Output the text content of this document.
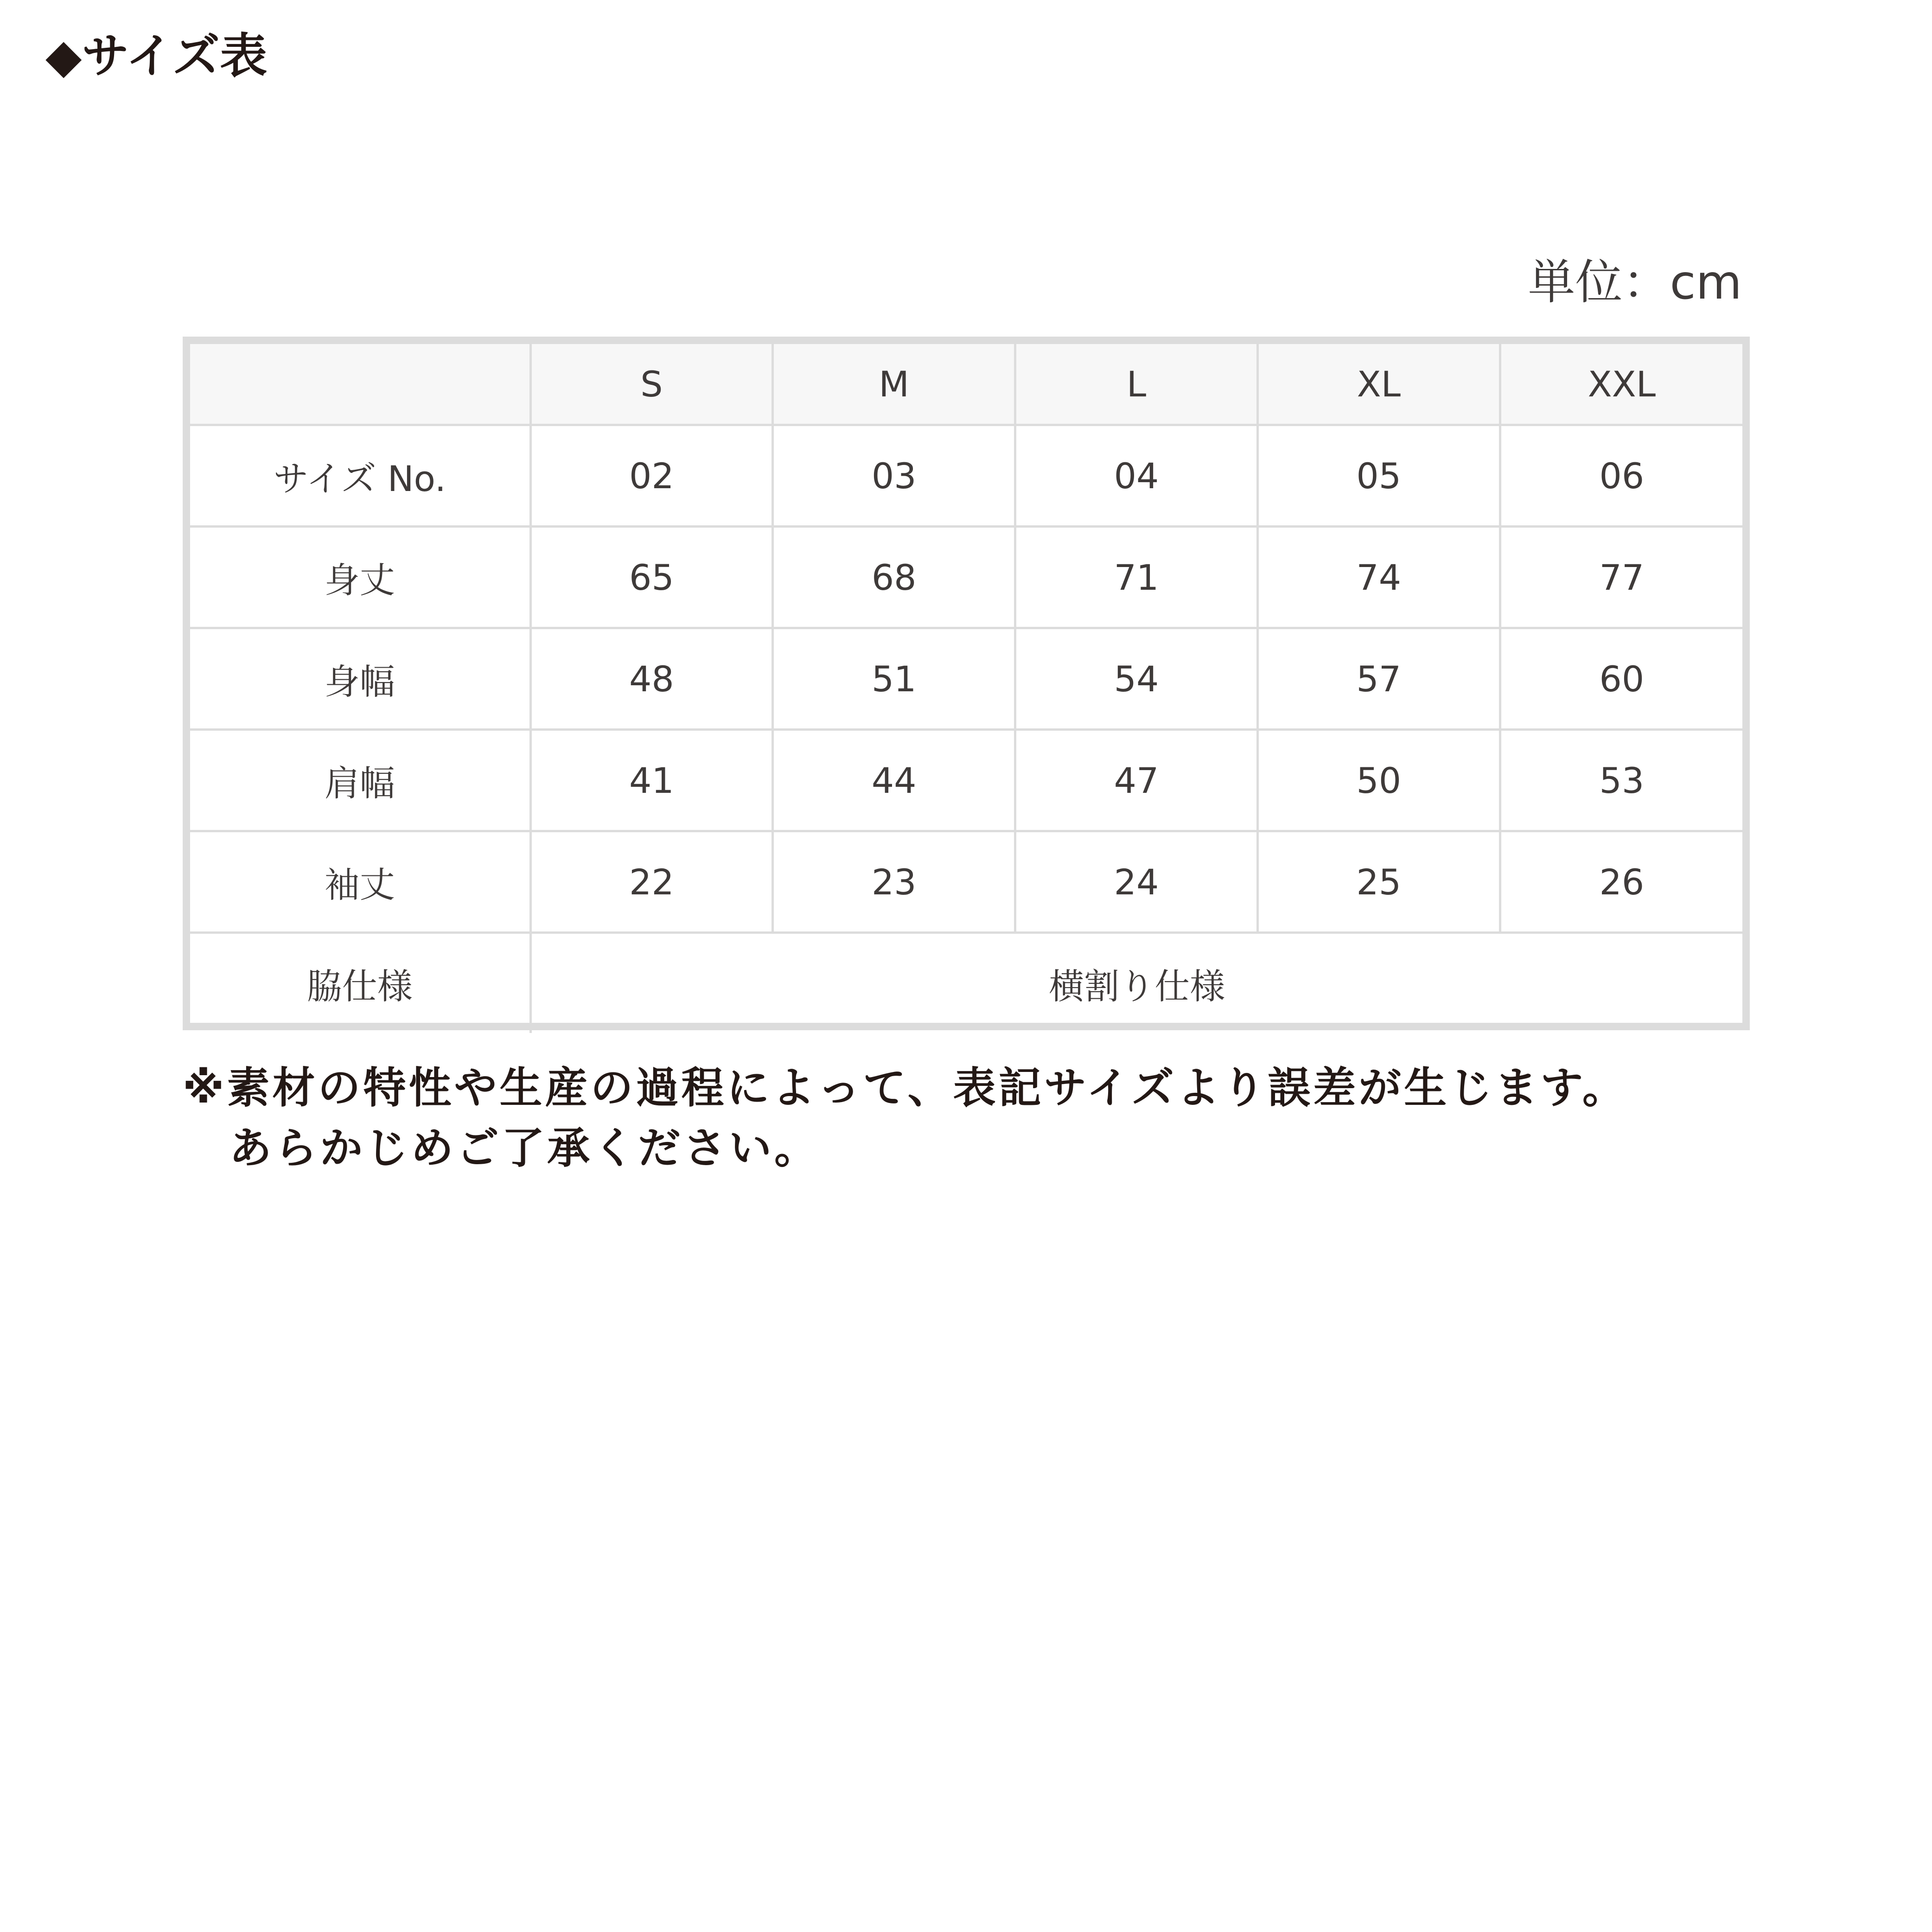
◆サイズ表
単位：cm
	S	M	L	XL	XXL
サイズ No.	02	03	04	05	06
身丈	65	68	71	74	77
身幅	48	51	54	57	60
肩幅	41	44	47	50	53
袖丈	22	23	24	25	26
脇仕様	横割り仕様				
※素材の特性や生産の過程によって、表記サイズより誤差が生じます。
あらかじめご了承ください。
